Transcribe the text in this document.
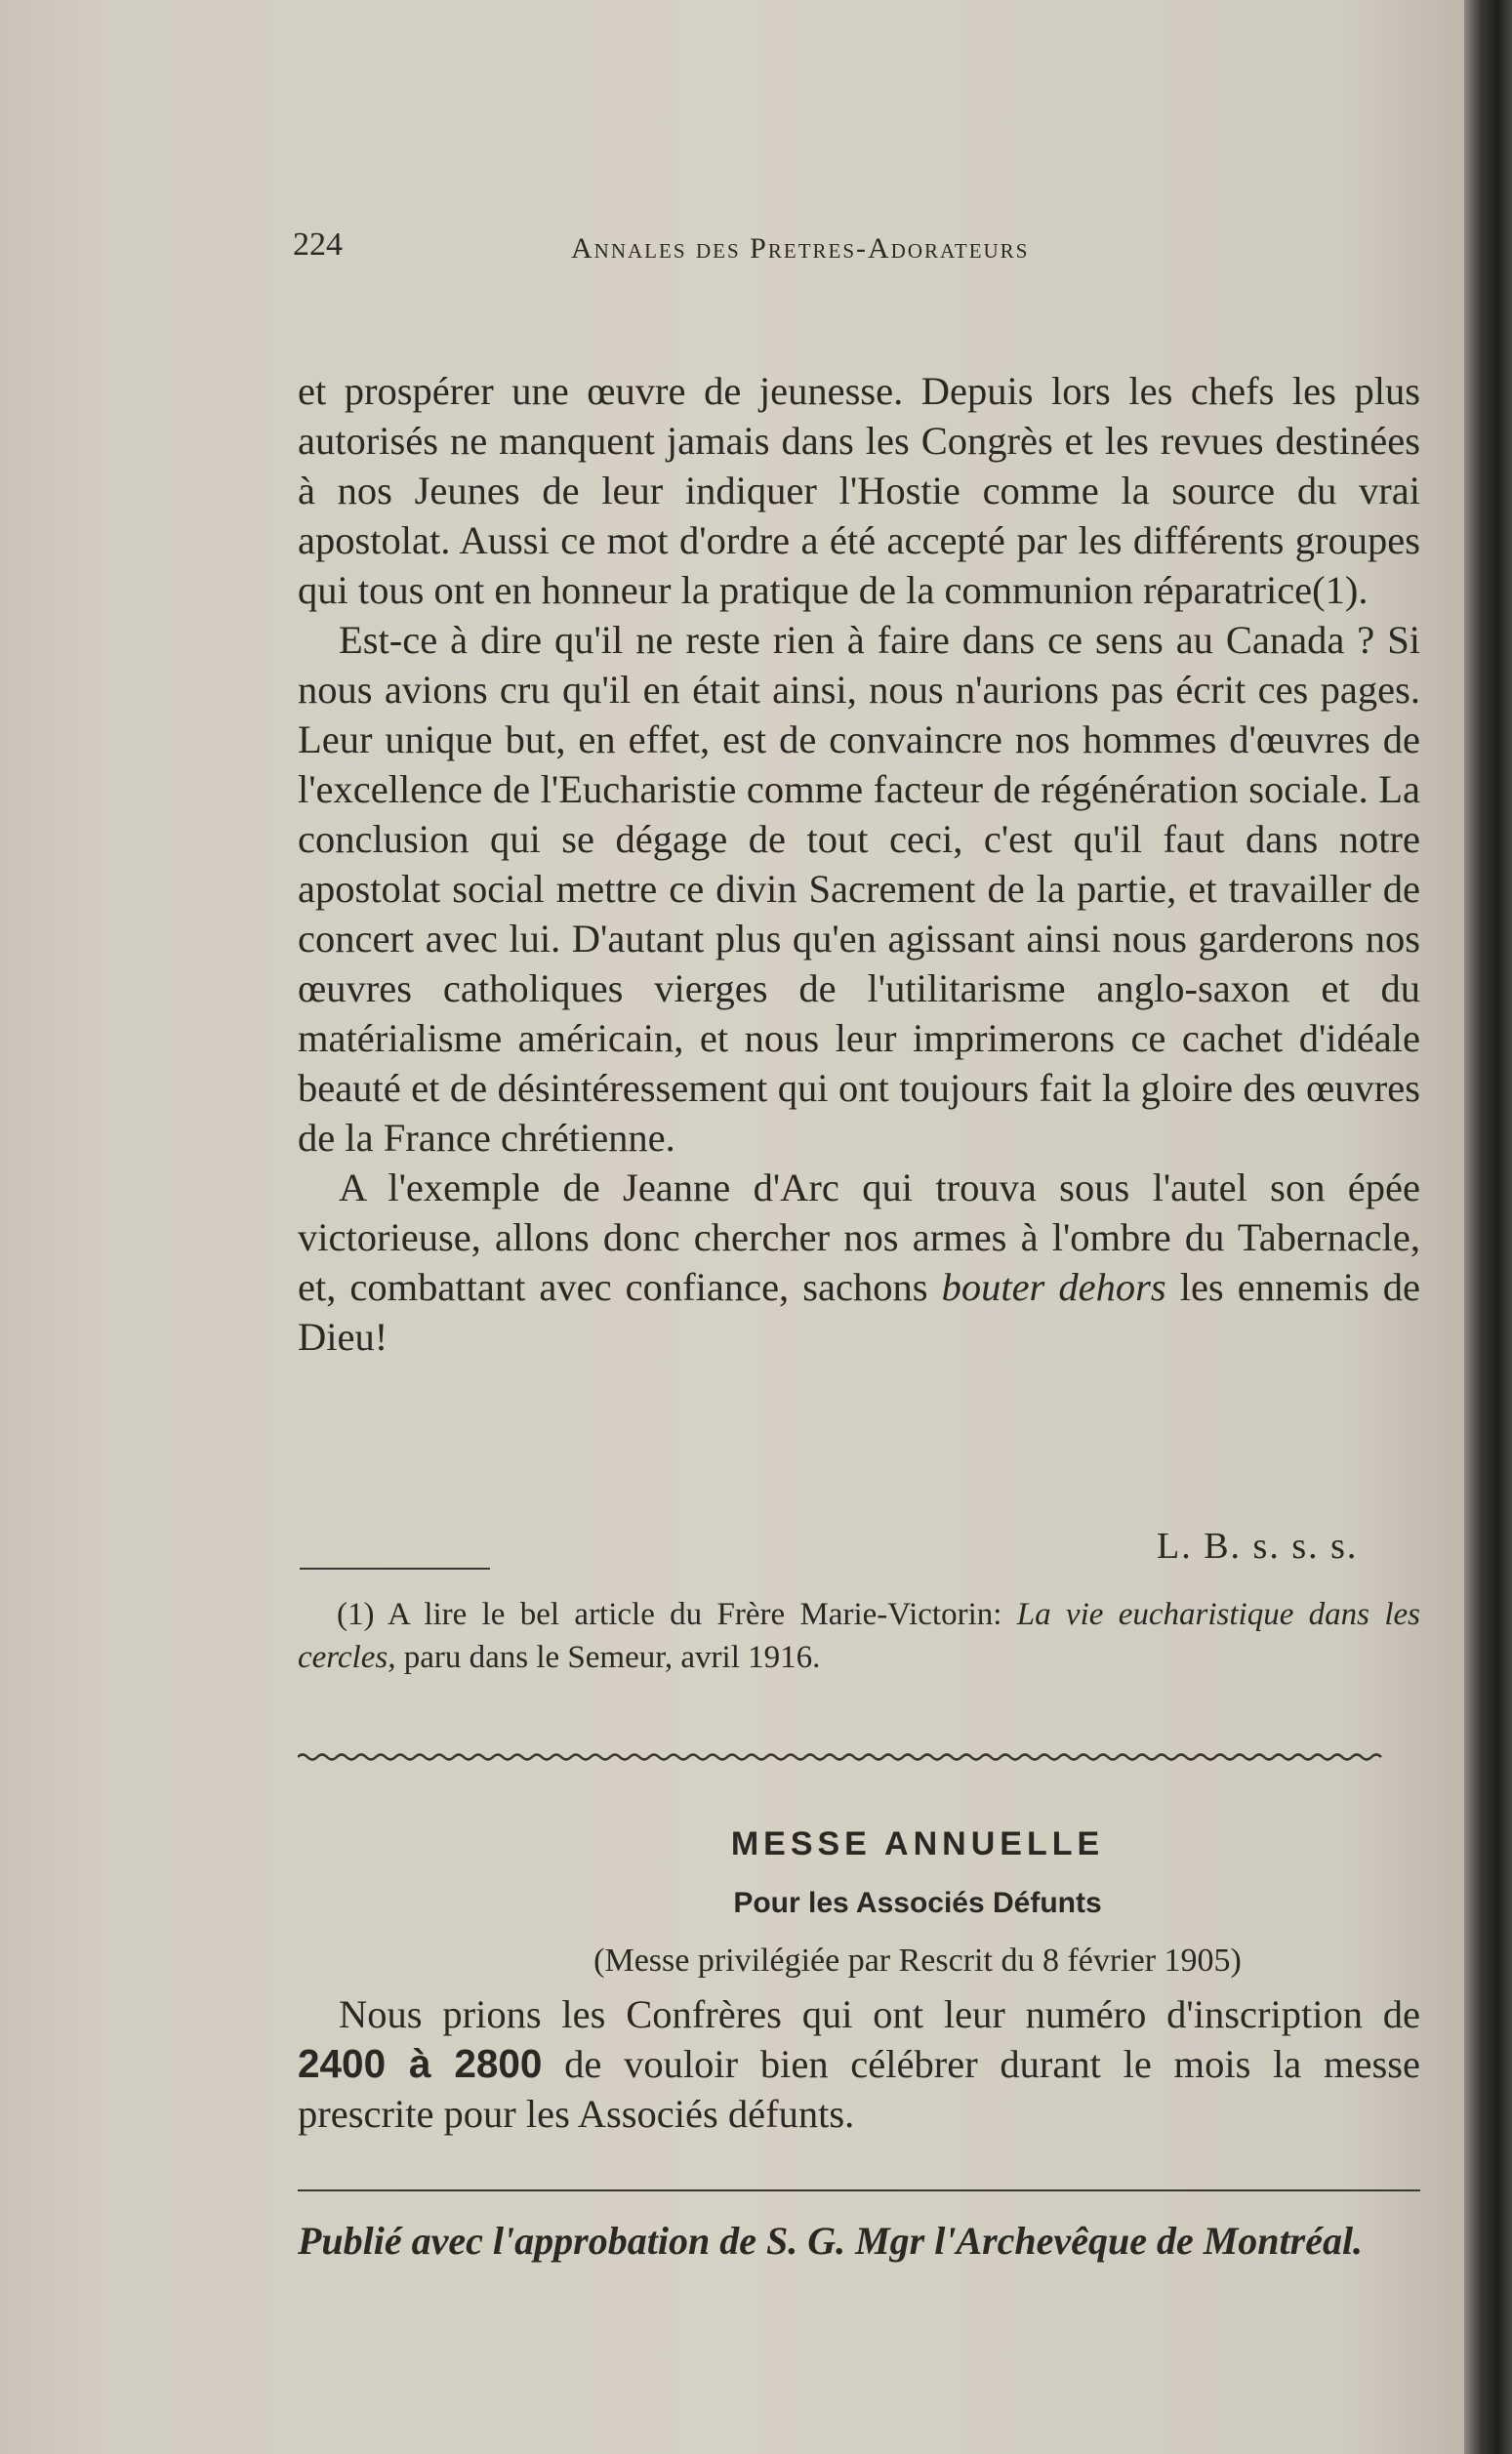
224	Annales des Pretres-Adorateurs

et prospérer une œuvre de jeunesse. Depuis lors les chefs les plus autorisés ne manquent jamais dans les Congrès et les revues destinées à nos Jeunes de leur indiquer l'Hostie comme la source du vrai apostolat. Aussi ce mot d'ordre a été accepté par les différents groupes qui tous ont en honneur la pratique de la communion réparatrice(1).

Est-ce à dire qu'il ne reste rien à faire dans ce sens au Canada ? Si nous avions cru qu'il en était ainsi, nous n'aurions pas écrit ces pages. Leur unique but, en effet, est de convaincre nos hommes d'œuvres de l'excellence de l'Eucharistie comme facteur de régénération sociale. La conclusion qui se dégage de tout ceci, c'est qu'il faut dans notre apostolat social mettre ce divin Sacrement de la partie, et travailler de concert avec lui. D'autant plus qu'en agissant ainsi nous garderons nos œuvres catholiques vierges de l'utilitarisme anglo-saxon et du matérialisme américain, et nous leur imprimerons ce cachet d'idéale beauté et de désintéressement qui ont toujours fait la gloire des œuvres de la France chrétienne.

A l'exemple de Jeanne d'Arc qui trouva sous l'autel son épée victorieuse, allons donc chercher nos armes à l'ombre du Tabernacle, et, combattant avec confiance, sachons bouter dehors les ennemis de Dieu!

L. B. s. s. s.
(1) A lire le bel article du Frère Marie-Victorin: La vie eucharistique dans les cercles, paru dans le Semeur, avril 1916.
MESSE ANNUELLE
Pour les Associés Défunts
(Messe privilégiée par Rescrit du 8 février 1905)
Nous prions les Confrères qui ont leur numéro d'inscription de 2400 à 2800 de vouloir bien célébrer durant le mois la messe prescrite pour les Associés défunts.
Publié avec l'approbation de S. G. Mgr l'Archevêque de Montréal.
